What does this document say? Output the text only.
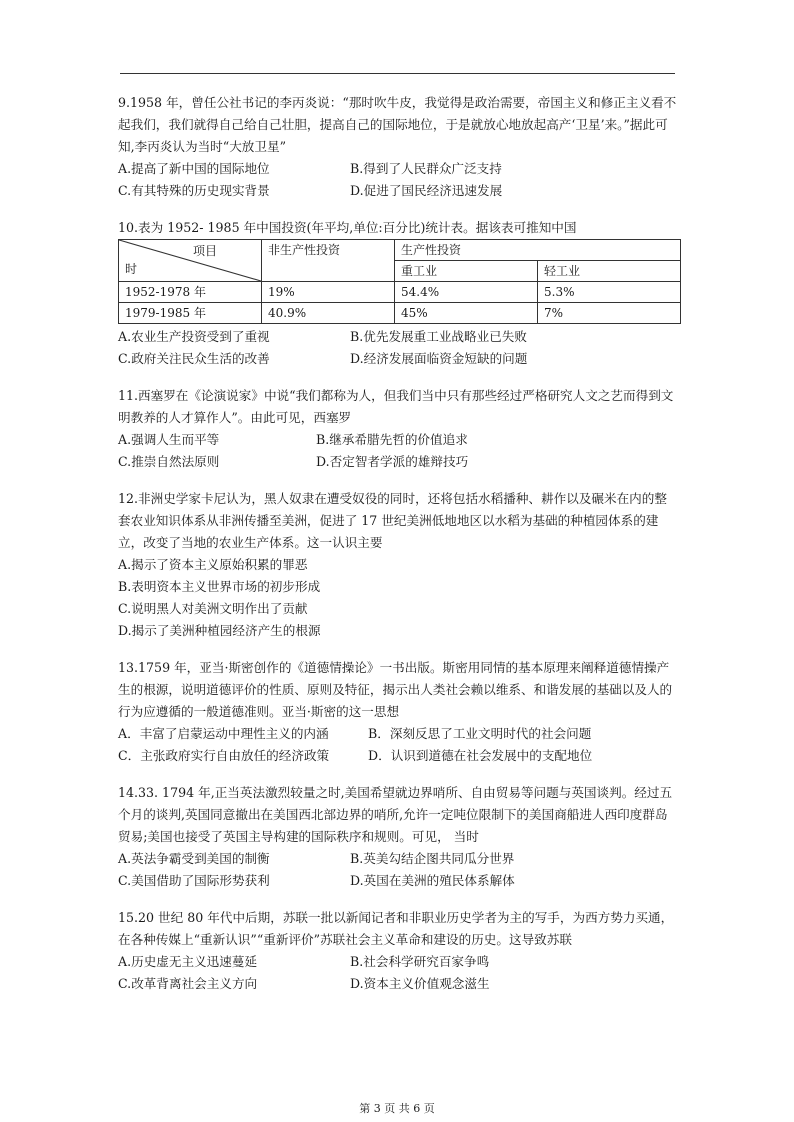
9.1958 年，曾任公社书记的李丙炎说：“那时吹牛皮，我觉得是政治需要，帝国主义和修正主义看不起我们，我们就得自己给自己壮胆，提高自己的国际地位，于是就放心地放起高产‘卫星’来。”据此可知,李丙炎认为当时“大放卫星”

A.提高了新中国的国际地位	B.得到了人民群众广泛支持
C.有其特殊的历史现实背景	D.促进了国民经济迅速发展

10.表为 1952- 1985 年中国投资(年平均,单位:百分比)统计表。据该表可推知中国

项目
时	非生产性投资	生产性投资	
		重工业	轻工业
1952-1978 年	19%	54.4%	5.3%
1979-1985 年	40.9%	45%	7%
A.农业生产投资受到了重视	B.优先发展重工业战略业已失败
C.政府关注民众生活的改善	D.经济发展面临资金短缺的问题

11.西塞罗在《论演说家》中说“我们都称为人，但我们当中只有那些经过严格研究人文之艺而得到文明教养的人才算作人”。由此可见，西塞罗

A.强调人生而平等	B.继承希腊先哲的价值追求
C.推崇自然法原则	D.否定智者学派的雄辩技巧

12.非洲史学家卡尼认为，黑人奴隶在遭受奴役的同时，还将包括水稻播种、耕作以及碾米在内的整套农业知识体系从非洲传播至美洲，促进了 17 世纪美洲低地地区以水稻为基础的种植园体系的建立，改变了当地的农业生产体系。这一认识主要

A.揭示了资本主义原始积累的罪恶
B.表明资本主义世界市场的初步形成
C.说明黑人对美洲文明作出了贡献
D.揭示了美洲种植园经济产生的根源

13.1759 年，亚当·斯密创作的《道德情操论》一书出版。斯密用同情的基本原理来阐释道德情操产生的根源，说明道德评价的性质、原则及特征，揭示出人类社会赖以维系、和谐发展的基础以及人的行为应遵循的一般道德准则。亚当·斯密的这一思想

A．丰富了启蒙运动中理性主义的内涵	B．深刻反思了工业文明时代的社会问题
C．主张政府实行自由放任的经济政策	D．认识到道德在社会发展中的支配地位

14.33. 1794 年,正当英法激烈较量之时,美国希望就边界哨所、自由贸易等问题与英国谈判。经过五个月的谈判,英国同意撤出在美国西北部边界的哨所,允许一定吨位限制下的美国商船进人西印度群岛贸易;美国也接受了英国主导构建的国际秩序和规则。可见， 当时

A.英法争霸受到美国的制衡	B.英美勾结企图共同瓜分世界
C.美国借助了国际形势获利	D.英国在美洲的殖民体系解体

15.20 世纪 80 年代中后期，苏联一批以新闻记者和非职业历史学者为主的写手，为西方势力买通，在各种传媒上“重新认识”“重新评价”苏联社会主义革命和建设的历史。这导致苏联

A.历史虚无主义迅速蔓延	B.社会科学研究百家争鸣
C.改革背离社会主义方向	D.资本主义价值观念滋生
第 3 页 共 6 页
